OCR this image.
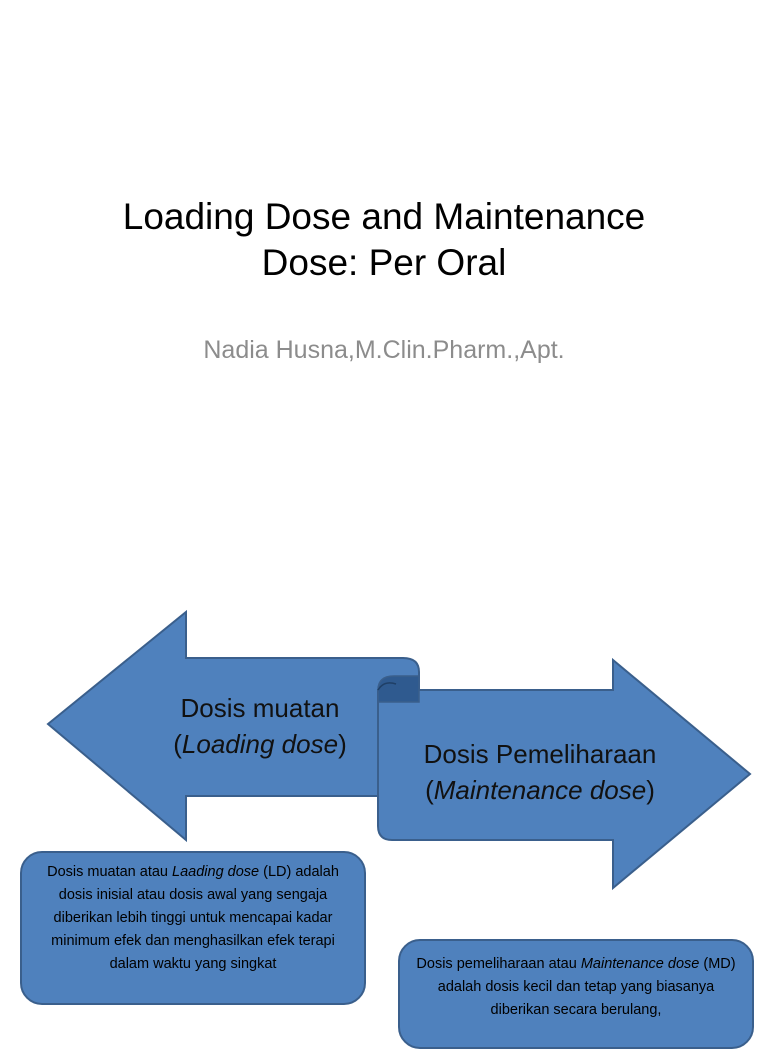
Loading Dose and Maintenance
Dose: Per Oral

Nadia Husna,M.Clin.Pharm.,Apt.

Dosis muatan
(Loading dose)	Dosis Pemeliharaan
(Maintenance dose)

Dosis muatan atau Laading dose (LD) adalah dosis inisial atau dosis awal yang sengaja diberikan lebih tinggi untuk mencapai kadar minimum efek dan menghasilkan efek terapi dalam waktu yang singkat	Dosis pemeliharaan atau Maintenance dose (MD) adalah dosis kecil dan tetap yang biasanya diberikan secara berulang,
